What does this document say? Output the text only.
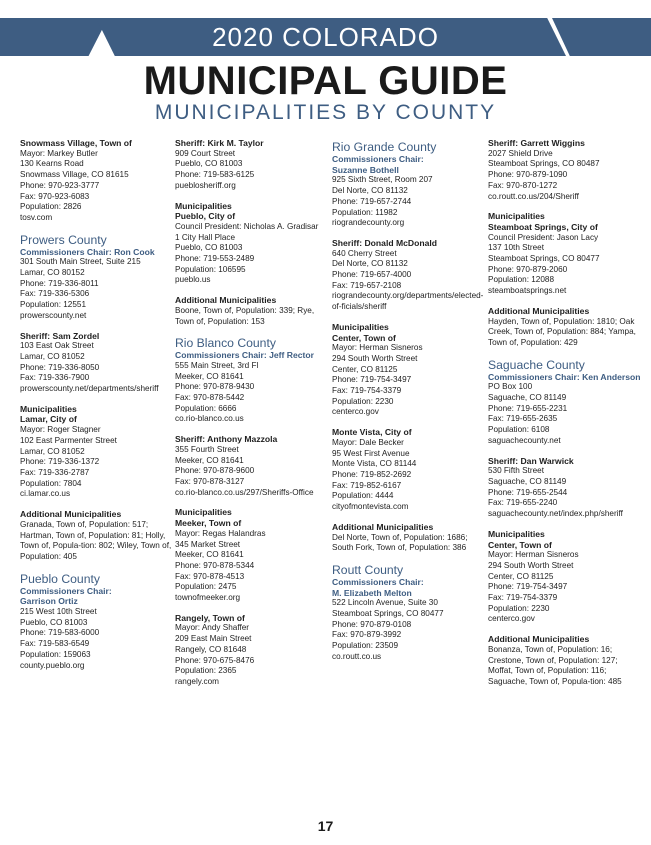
2020 COLORADO
MUNICIPAL GUIDE
MUNICIPALITIES BY COUNTY
Snowmass Village, Town of
Mayor: Markey Butler
130 Kearns Road
Snowmass Village, CO 81615
Phone: 970-923-3777
Fax: 970-923-6083
Population: 2826
tosv.com
Prowers County
Commissioners Chair: Ron Cook
301 South Main Street, Suite 215
Lamar, CO 80152
Phone: 719-336-8011
Fax: 719-336-5306
Population: 12551
prowerscounty.net
Sheriff: Sam Zordel
103 East Oak Street
Lamar, CO 81052
Phone: 719-336-8050
Fax: 719-336-7900
prowerscounty.net/departments/sheriff
Municipalities
Lamar, City of
Mayor: Roger Stagner
102 East Parmenter Street
Lamar, CO 81052
Phone: 719-336-1372
Fax: 719-336-2787
Population: 7804
ci.lamar.co.us
Additional Municipalities
Granada, Town of, Population: 517; Hartman, Town of, Population: 81; Holly, Town of, Popula-tion: 802; Wiley, Town of, Population: 405
Pueblo County
Commissioners Chair:
Garrison Ortiz
215 West 10th Street
Pueblo, CO 81003
Phone: 719-583-6000
Fax: 719-583-6549
Population: 159063
county.pueblo.org
Sheriff: Kirk M. Taylor
909 Court Street
Pueblo, CO 81003
Phone: 719-583-6125
pueblosheriff.org
Municipalities
Pueblo, City of
Council President: Nicholas A. Gradisar
1 City Hall Place
Pueblo, CO 81003
Phone: 719-553-2489
Population: 106595
pueblo.us
Additional Municipalities
Boone, Town of, Population: 339; Rye, Town of, Population: 153
Rio Blanco County
Commissioners Chair: Jeff Rector
555 Main Street, 3rd Fl
Meeker, CO 81641
Phone: 970-878-9430
Fax: 970-878-5442
Population: 6666
co.rio-blanco.co.us
Sheriff: Anthony Mazzola
355 Fourth Street
Meeker, CO 81641
Phone: 970-878-9600
Fax: 970-878-3127
co.rio-blanco.co.us/297/Sheriffs-Office
Municipalities
Meeker, Town of
Mayor: Regas Halandras
345 Market Street
Meeker, CO 81641
Phone: 970-878-5344
Fax: 970-878-4513
Population: 2475
townofmeeker.org
Rangely, Town of
Mayor: Andy Shaffer
209 East Main Street
Rangely, CO 81648
Phone: 970-675-8476
Population: 2365
rangely.com
Rio Grande County
Commissioners Chair:
Suzanne Bothell
925 Sixth Street, Room 207
Del Norte, CO 81132
Phone: 719-657-2744
Population: 11982
riograndecounty.org
Sheriff: Donald McDonald
640 Cherry Street
Del Norte, CO 81132
Phone: 719-657-4000
Fax: 719-657-2108
riograndecounty.org/departments/elected-of-ficials/sheriff
Municipalities
Center, Town of
Mayor: Herman Sisneros
294 South Worth Street
Center, CO 81125
Phone: 719-754-3497
Fax: 719-754-3379
Population: 2230
centerco.gov
Monte Vista, City of
Mayor: Dale Becker
95 West First Avenue
Monte Vista, CO 81144
Phone: 719-852-2692
Fax: 719-852-6167
Population: 4444
cityofmontevista.com
Additional Municipalities
Del Norte, Town of, Population: 1686; South Fork, Town of, Population: 386
Routt County
Commissioners Chair:
M. Elizabeth Melton
522 Lincoln Avenue, Suite 30
Steamboat Springs, CO 80477
Phone: 970-879-0108
Fax: 970-879-3992
Population: 23509
co.routt.co.us
Sheriff: Garrett Wiggins
2027 Shield Drive
Steamboat Springs, CO 80487
Phone: 970-879-1090
Fax: 970-870-1272
co.routt.co.us/204/Sheriff
Municipalities
Steamboat Springs, City of
Council President: Jason Lacy
137 10th Street
Steamboat Springs, CO 80477
Phone: 970-879-2060
Population: 12088
steamboatsprings.net
Additional Municipalities
Hayden, Town of, Population: 1810; Oak Creek, Town of, Population: 884; Yampa, Town of, Population: 429
Saguache County
Commissioners Chair: Ken Anderson
PO Box 100
Saguache, CO 81149
Phone: 719-655-2231
Fax: 719-655-2635
Population: 6108
saguachecounty.net
Sheriff: Dan Warwick
530 Fifth Street
Saguache, CO 81149
Phone: 719-655-2544
Fax: 719-655-2240
saguachecounty.net/index.php/sheriff
Municipalities
Center, Town of
Mayor: Herman Sisneros
294 South Worth Street
Center, CO 81125
Phone: 719-754-3497
Fax: 719-754-3379
Population: 2230
centerco.gov
Additional Municipalities
Bonanza, Town of, Population: 16; Crestone, Town of, Population: 127; Moffat, Town of, Population: 116; Saguache, Town of, Popula-tion: 485
17
